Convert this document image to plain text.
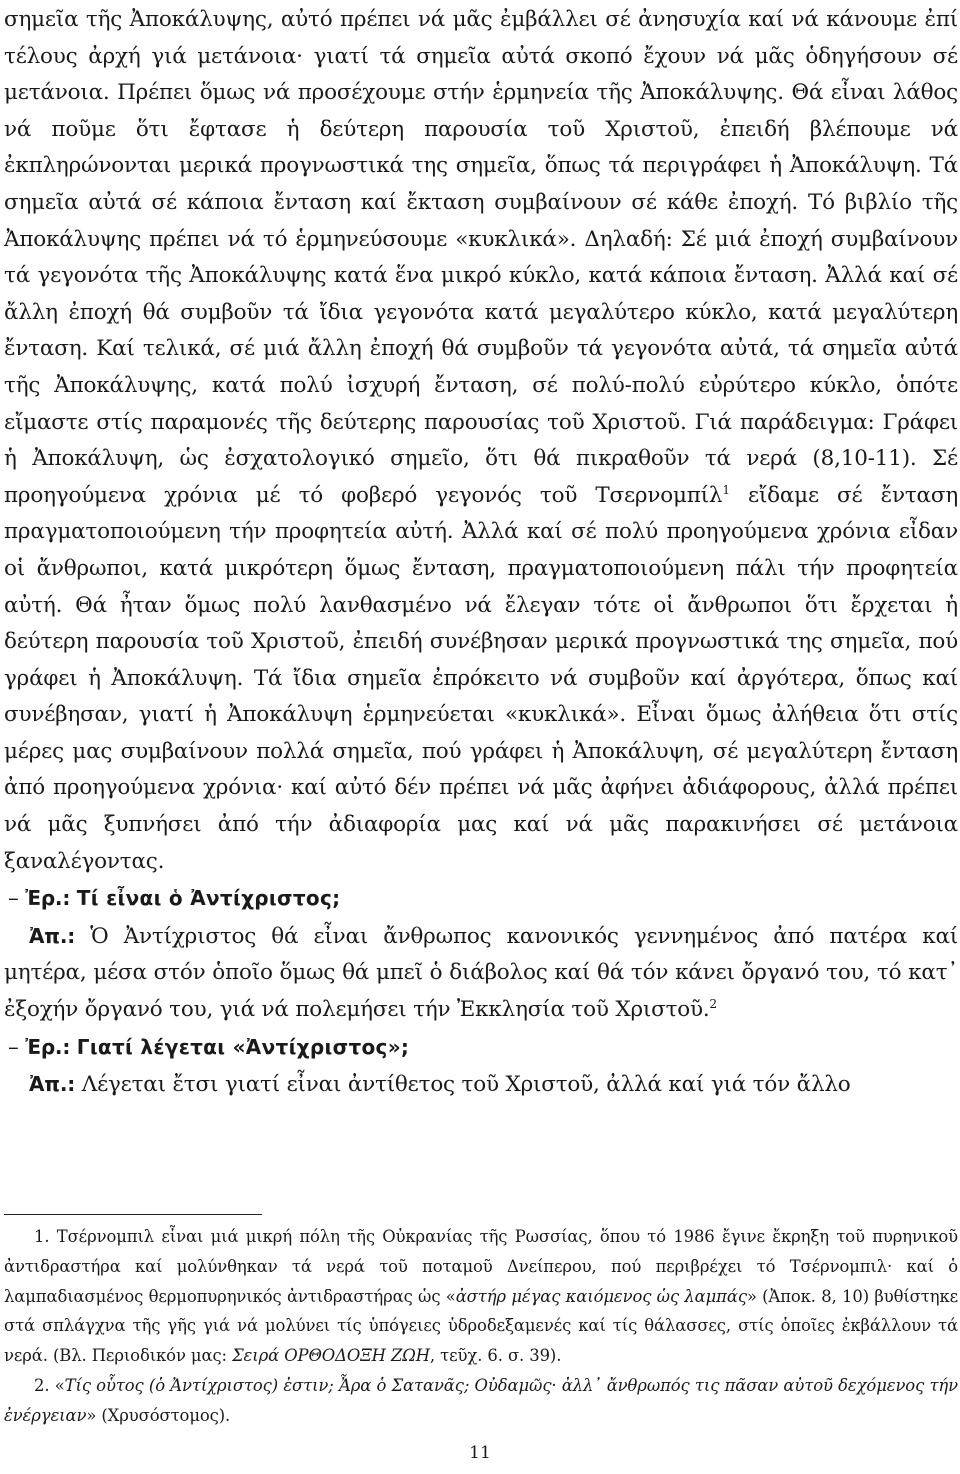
σημεῖα τῆς Ἀποκάλυψης, αὐτό πρέπει νά μᾶς ἐμβάλλει σέ ἀνησυχία καί νά κάνουμε ἐπί τέλους ἀρχή γιά μετάνοια· γιατί τά σημεῖα αὐτά σκοπό ἔχουν νά μᾶς ὁδηγήσουν σέ μετάνοια. Πρέπει ὅμως νά προσέχουμε στήν ἑρμηνεία τῆς Ἀποκάλυψης. Θά εἶναι λάθος νά ποῦμε ὅτι ἔφτασε ἡ δεύτερη παρουσία τοῦ Χριστοῦ, ἐπειδή βλέπουμε νά ἐκπληρώνονται μερικά προγνωστικά της σημεῖα, ὅπως τά περιγράφει ἡ Ἀποκάλυψη. Τά σημεῖα αὐτά σέ κάποια ἔνταση καί ἔκταση συμβαίνουν σέ κάθε ἐποχή. Τό βιβλίο τῆς Ἀποκάλυψης πρέπει νά τό ἑρμηνεύσουμε «κυκλικά». Δηλαδή: Σέ μιά ἐποχή συμβαίνουν τά γεγονότα τῆς Ἀποκάλυψης κατά ἕνα μικρό κύκλο, κατά κάποια ἔνταση. Ἀλλά καί σέ ἄλλη ἐποχή θά συμβοῦν τά ἴδια γεγονότα κατά μεγαλύτερο κύκλο, κατά μεγαλύτερη ἔνταση. Καί τελικά, σέ μιά ἄλλη ἐποχή θά συμβοῦν τά γεγονότα αὐτά, τά σημεῖα αὐτά τῆς Ἀποκάλυψης, κατά πολύ ἰσχυρή ἔνταση, σέ πολύ-πολύ εὐρύτερο κύκλο, ὁπότε εἴμαστε στίς παραμονές τῆς δεύτερης παρουσίας τοῦ Χριστοῦ. Γιά παράδειγμα: Γράφει ἡ Ἀποκάλυψη, ὡς ἐσχατολογικό σημεῖο, ὅτι θά πικραθοῦν τά νερά (8,10-11). Σέ προηγούμενα χρόνια μέ τό φοβερό γεγονός τοῦ Τσερνομπίλ$^1$ εἴδαμε σέ ἔνταση πραγματοποιούμενη τήν προφητεία αὐτή. Ἀλλά καί σέ πολύ προηγούμενα χρόνια εἶδαν οἱ ἄνθρωποι, κατά μικρότερη ὅμως ἔνταση, πραγματοποιούμενη πάλι τήν προφητεία αὐτή. Θά ἦταν ὅμως πολύ λανθασμένο νά ἔλεγαν τότε οἱ ἄνθρωποι ὅτι ἔρχεται ἡ δεύτερη παρουσία τοῦ Χριστοῦ, ἐπειδή συνέβησαν μερικά προγνωστικά της σημεῖα, πού γράφει ἡ Ἀποκάλυψη. Τά ἴδια σημεῖα ἐπρόκειτο νά συμβοῦν καί ἀργότερα, ὅπως καί συνέβησαν, γιατί ἡ Ἀποκάλυψη ἑρμηνεύεται «κυκλικά». Εἶναι ὅμως ἀλήθεια ὅτι στίς μέρες μας συμβαίνουν πολλά σημεῖα, πού γράφει ἡ Ἀποκάλυψη, σέ μεγαλύτερη ἔνταση ἀπό προηγούμενα χρόνια· καί αὐτό δέν πρέπει νά μᾶς ἀφήνει ἀδιάφορους, ἀλλά πρέπει νά μᾶς ξυπνήσει ἀπό τήν ἀδιαφορία μας καί νά μᾶς παρακινήσει σέ μετάνοια ξαναλέγοντας.

– Ἐρ.: Τί εἶναι ὁ Ἀντίχριστος;

Ἀπ.: Ὁ Ἀντίχριστος θά εἶναι ἄνθρωπος κανονικός γεννημένος ἀπό πατέρα καί μητέρα, μέσα στόν ὁποῖο ὅμως θά μπεῖ ὁ διάβολος καί θά τόν κάνει ὄργανό του, τό κατ᾽ ἐξοχήν ὄργανό του, γιά νά πολεμήσει τήν Ἐκκλησία τοῦ Χριστοῦ.$^2$

– Ἐρ.: Γιατί λέγεται «Ἀντίχριστος»;

Ἀπ.: Λέγεται ἔτσι γιατί εἶναι ἀντίθετος τοῦ Χριστοῦ, ἀλλά καί γιά τόν ἄλλο

1. Τσέρνομπιλ εἶναι μιά μικρή πόλη τῆς Οὐκρανίας τῆς Ρωσσίας, ὅπου τό 1986 ἔγινε ἔκρηξη τοῦ πυρηνικοῦ ἀντιδραστήρα καί μολύνθηκαν τά νερά τοῦ ποταμοῦ Δνείπερου, πού περιβρέχει τό Τσέρνομπιλ· καί ὁ λαμπαδιασμένος θερμοπυρηνικός ἀντιδραστήρας ὡς «ἀστήρ μέγας καιόμενος ὡς λαμπάς» (Ἀποκ. 8, 10) βυθίστηκε στά σπλάγχνα τῆς γῆς γιά νά μολύνει τίς ὑπόγειες ὑδροδεξαμενές καί τίς θάλασσες, στίς ὁποῖες ἐκβάλλουν τά νερά. (Βλ. Περιοδικόν μας: Σειρά ΟΡΘΟΔΟΞΗ ΖΩΗ, τεῦχ. 6. σ. 39).

2. «Τίς οὗτος (ὁ Ἀντίχριστος) ἐστιν; Ἆρα ὁ Σατανᾶς; Οὐδαμῶς· ἀλλ᾽ ἄνθρωπός τις πᾶσαν αὐτοῦ δεχόμενος τήν ἐνέργειαν» (Χρυσόστομος).

11
